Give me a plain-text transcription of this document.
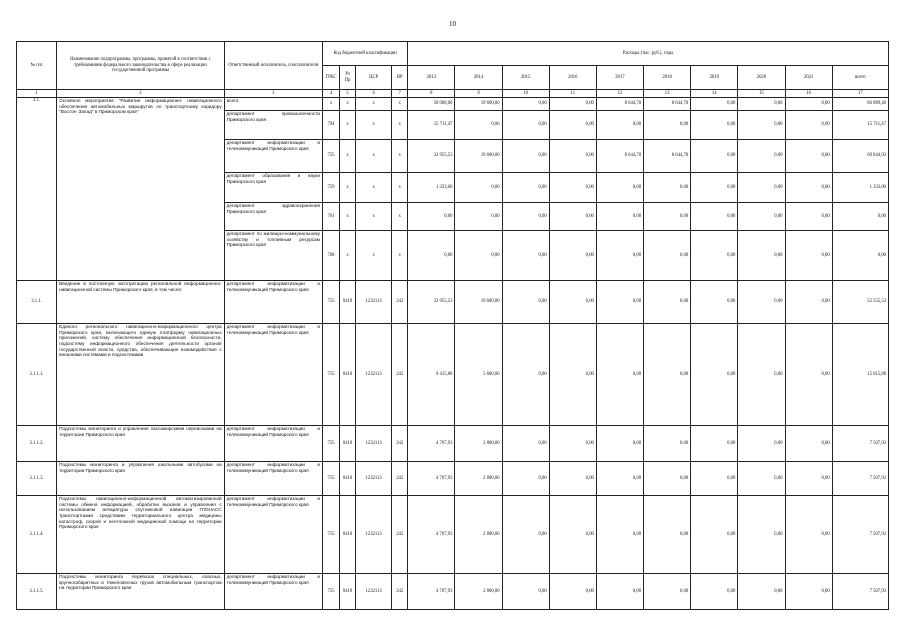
10
№ п/п	Наименование подпрограммы, программы, принятой в соответствии с требованиями федерального законодательства в сфере реализации государственной программы	Ответственный исполнитель, соисполнители	Код бюджетной классификации				Расходы (тыс. руб.), годы									
			ГРБС	Рз Пр	ЦСР	ВР	2013	2014	2015	2016	2017	2018	2019	2020	2021	всего
1	2	3	4	5	6	7	8	9	10	11	12	13	14	15	16	17
3.1.	Основное мероприятие "Развитие информационно- навигационного обеспечения автомобильных маршрутов по транспортному коридору "Восток- Запад" в Приморском крае"	всего:	x	x	x	x	50 000,00	19 600,00	0,00	0,00	8 644,70	8 644,70	0,00	0,00	0,00	86 889,40
		департамент промышленности Приморского края	794	x	x	x	15 711,47	0,00	0,00	0,00	0,00	0,00	0,00	0,00	0,00	15 711,47
		департамент информатизации и телекоммуникаций Приморского края	755	x	x	x	32 955,53	19 600,00	0,00	0,00	8 644,70	8 644,70	0,00	0,00	0,00	69 844,93
		департамент образования и науки Приморского края	759	x	x	x	1 333,00	0,00	0,00	0,00	0,00	0,00	0,00	0,00	0,00	1 333,00
		департамент здравоохранения Приморского края	761	x	x	x	0,00	0,00	0,00	0,00	0,00	0,00	0,00	0,00	0,00	0,00
		департамент по жилищно-коммунальному хозяйству и топливным ресурсам Приморского края	768	x	x	x	0,00	0,00	0,00	0,00	0,00	0,00	0,00	0,00	0,00	0,00
3.1.1.	Введение в постоянную эксплуатацию региональной информационно-навигационной системы Приморского края, в том числе:	департамент информатизации и телекоммуникаций Приморского края	755	0410	1232113	242	32 955,53	19 600,00	0,00	0,00	0,00	0,00	0,00	0,00	0,00	52 555,53
3.1.1.1.	Единого регионального навигационно-информационного центра Приморского края, включающего единую платформу навигационных приложений, систему обеспечения информационной безопасности, подсистему информационного обеспечения деятельности органов государственной власти, средства, обеспечивающие взаимодействие с внешними системами и подсистемами	департамент информатизации и телекоммуникаций Приморского края	755	0410	1232113	242	9 415,88	5 600,00	0,00	0,00	0,00	0,00	0,00	0,00	0,00	15 015,88
3.1.1.2.	Подсистемы мониторинга и управления пассажирскими перевозками на территории Приморского края	департамент информатизации и телекоммуникаций Приморского края	755	0410	1232113	242	4 707,93	2 800,00	0,00	0,00	0,00	0,00	0,00	0,00	0,00	7 507,93
3.1.1.3.	Подсистемы мониторинга и управления школьными автобусами на территории Приморского края	департамент информатизации и телекоммуникаций Приморского края	755	0410	1232113	242	4 707,93	2 800,00	0,00	0,00	0,00	0,00	0,00	0,00	0,00	7 507,93
3.1.1.4.	Подсистемы навигационно-информационной автоматизированной системы обмена информацией, обработки вызовов и управления с использованием аппаратуры спутниковой навигации ГЛОНАСС транспортными средствами территориального центра медицины катастроф, скорой и неотложной медицинской помощи на территории Приморского края	департамент информатизации и телекоммуникаций Приморского края	755	0410	1232113	242	4 707,93	2 800,00	0,00	0,00	0,00	0,00	0,00	0,00	0,00	7 507,93
3.1.1.5.	Подсистемы мониторинга перевозок специальных, опасных, крупногабаритных и тяжеловесных грузов автомобильным транспортом на территории Приморского края	департамент информатизации и телекоммуникаций Приморского края	755	0410	1232113	242	4 707,93	2 800,00	0,00	0,00	0,00	0,00	0,00	0,00	0,00	7 507,93
